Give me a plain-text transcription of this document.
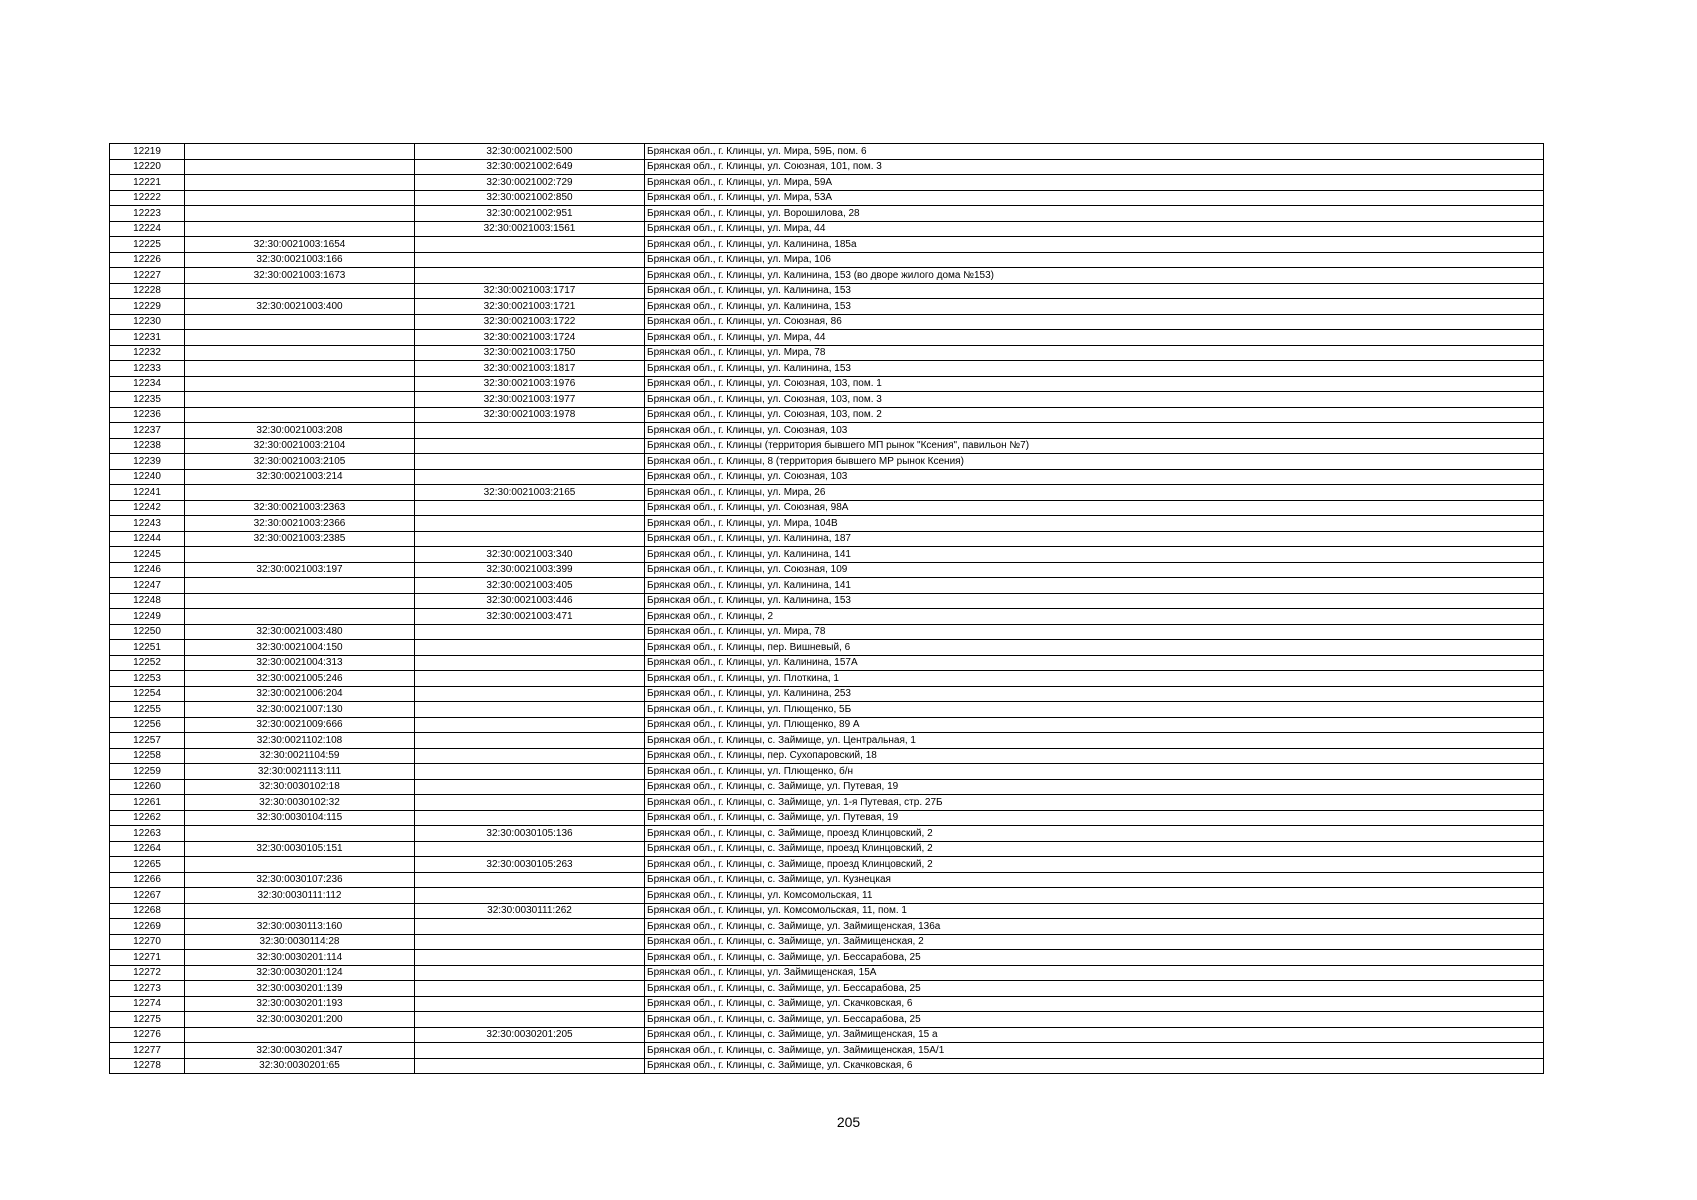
12219		32:30:0021002:500	Брянская обл., г. Клинцы, ул. Мира, 59Б, пом. 6
12220		32:30:0021002:649	Брянская обл., г. Клинцы, ул. Союзная, 101, пом. 3
12221		32:30:0021002:729	Брянская обл., г. Клинцы, ул. Мира, 59А
12222		32:30:0021002:850	Брянская обл., г. Клинцы, ул. Мира, 53А
12223		32:30:0021002:951	Брянская обл., г. Клинцы, ул. Ворошилова, 28
12224		32:30:0021003:1561	Брянская обл., г. Клинцы, ул. Мира, 44
12225	32:30:0021003:1654		Брянская обл., г. Клинцы, ул. Калинина, 185а
12226	32:30:0021003:166		Брянская обл., г. Клинцы, ул. Мира, 106
12227	32:30:0021003:1673		Брянская обл., г. Клинцы, ул. Калинина, 153 (во дворе жилого дома №153)
12228		32:30:0021003:1717	Брянская обл., г. Клинцы, ул. Калинина, 153
12229	32:30:0021003:400	32:30:0021003:1721	Брянская обл., г. Клинцы, ул. Калинина, 153
12230		32:30:0021003:1722	Брянская обл., г. Клинцы, ул. Союзная, 86
12231		32:30:0021003:1724	Брянская обл., г. Клинцы, ул. Мира, 44
12232		32:30:0021003:1750	Брянская обл., г. Клинцы, ул. Мира, 78
12233		32:30:0021003:1817	Брянская обл., г. Клинцы, ул. Калинина, 153
12234		32:30:0021003:1976	Брянская обл., г. Клинцы, ул. Союзная, 103, пом. 1
12235		32:30:0021003:1977	Брянская обл., г. Клинцы, ул. Союзная, 103, пом. 3
12236		32:30:0021003:1978	Брянская обл., г. Клинцы, ул. Союзная, 103, пом. 2
12237	32:30:0021003:208		Брянская обл., г. Клинцы, ул. Союзная, 103
12238	32:30:0021003:2104		Брянская обл., г. Клинцы (территория бывшего МП рынок "Ксения", павильон №7)
12239	32:30:0021003:2105		Брянская обл., г. Клинцы, 8 (территория бывшего МР рынок Ксения)
12240	32:30:0021003:214		Брянская обл., г. Клинцы, ул. Союзная, 103
12241		32:30:0021003:2165	Брянская обл., г. Клинцы, ул. Мира, 26
12242	32:30:0021003:2363		Брянская обл., г. Клинцы, ул. Союзная, 98А
12243	32:30:0021003:2366		Брянская обл., г. Клинцы, ул. Мира, 104В
12244	32:30:0021003:2385		Брянская обл., г. Клинцы, ул. Калинина, 187
12245		32:30:0021003:340	Брянская обл., г. Клинцы, ул. Калинина, 141
12246	32:30:0021003:197	32:30:0021003:399	Брянская обл., г. Клинцы, ул. Союзная, 109
12247		32:30:0021003:405	Брянская обл., г. Клинцы, ул. Калинина, 141
12248		32:30:0021003:446	Брянская обл., г. Клинцы, ул. Калинина, 153
12249		32:30:0021003:471	Брянская обл., г. Клинцы, 2
12250	32:30:0021003:480		Брянская обл., г. Клинцы, ул. Мира, 78
12251	32:30:0021004:150		Брянская обл., г. Клинцы, пер. Вишневый, 6
12252	32:30:0021004:313		Брянская обл., г. Клинцы, ул. Калинина, 157А
12253	32:30:0021005:246		Брянская обл., г. Клинцы, ул. Плоткина, 1
12254	32:30:0021006:204		Брянская обл., г. Клинцы, ул. Калинина, 253
12255	32:30:0021007:130		Брянская обл., г. Клинцы, ул. Плющенко, 5Б
12256	32:30:0021009:666		Брянская обл., г. Клинцы, ул. Плющенко, 89 А
12257	32:30:0021102:108		Брянская обл., г. Клинцы, с. Займище, ул. Центральная, 1
12258	32:30:0021104:59		Брянская обл., г. Клинцы, пер. Сухопаровский, 18
12259	32:30:0021113:111		Брянская обл., г. Клинцы, ул. Плющенко, б/н
12260	32:30:0030102:18		Брянская обл., г. Клинцы, с. Займище, ул. Путевая, 19
12261	32:30:0030102:32		Брянская обл., г. Клинцы, с. Займище, ул. 1-я Путевая, стр. 27Б
12262	32:30:0030104:115		Брянская обл., г. Клинцы, с. Займище, ул. Путевая, 19
12263		32:30:0030105:136	Брянская обл., г. Клинцы, с. Займище, проезд Клинцовский, 2
12264	32:30:0030105:151		Брянская обл., г. Клинцы, с. Займище, проезд Клинцовский, 2
12265		32:30:0030105:263	Брянская обл., г. Клинцы, с. Займище, проезд Клинцовский, 2
12266	32:30:0030107:236		Брянская обл., г. Клинцы, с. Займище, ул. Кузнецкая
12267	32:30:0030111:112		Брянская обл., г. Клинцы, ул. Комсомольская, 11
12268		32:30:0030111:262	Брянская обл., г. Клинцы, ул. Комсомольская, 11, пом. 1
12269	32:30:0030113:160		Брянская обл., г. Клинцы, с. Займище, ул. Займищенская, 136а
12270	32:30:0030114:28		Брянская обл., г. Клинцы, с. Займище, ул. Займищенская, 2
12271	32:30:0030201:114		Брянская обл., г. Клинцы, с. Займище, ул. Бессарабова, 25
12272	32:30:0030201:124		Брянская обл., г. Клинцы, ул. Займищенская, 15А
12273	32:30:0030201:139		Брянская обл., г. Клинцы, с. Займище, ул. Бессарабова, 25
12274	32:30:0030201:193		Брянская обл., г. Клинцы, с. Займище, ул. Скачковская, 6
12275	32:30:0030201:200		Брянская обл., г. Клинцы, с. Займище, ул. Бессарабова, 25
12276		32:30:0030201:205	Брянская обл., г. Клинцы, с. Займище, ул. Займищенская, 15 а
12277	32:30:0030201:347		Брянская обл., г. Клинцы, с. Займище, ул. Займищенская, 15А/1
12278	32:30:0030201:65		Брянская обл., г. Клинцы, с. Займище, ул. Скачковская, 6
205
